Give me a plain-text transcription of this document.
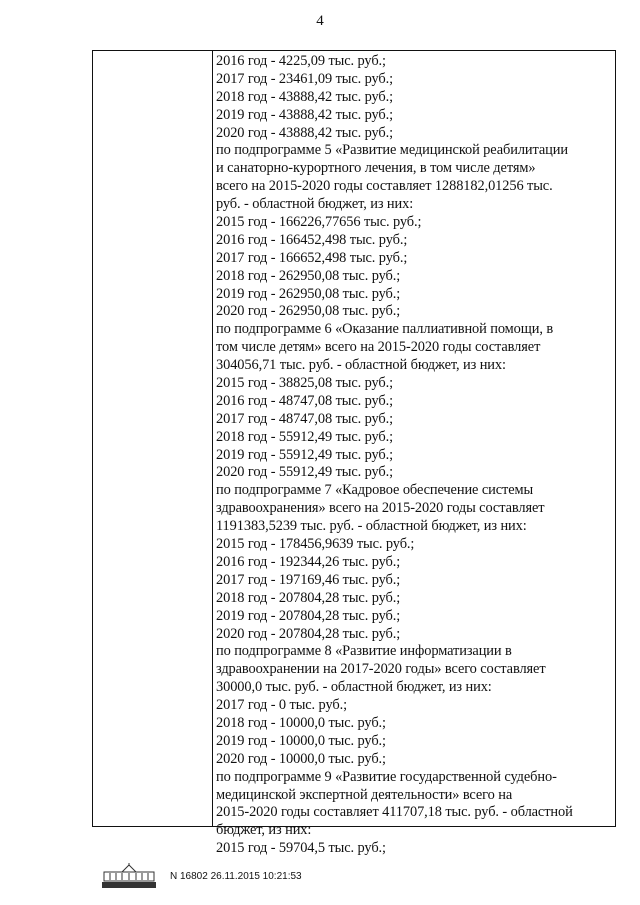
4
2016 год - 4225,09 тыс. руб.;
2017 год - 23461,09 тыс. руб.;
2018 год - 43888,42 тыс. руб.;
2019 год - 43888,42 тыс. руб.;
2020 год - 43888,42 тыс. руб.;
по подпрограмме 5 «Развитие медицинской реабилитации
и санаторно-курортного лечения, в том числе детям»
всего на 2015-2020 годы составляет 1288182,01256 тыс.
руб. - областной бюджет, из них:
2015 год - 166226,77656 тыс. руб.;
2016 год - 166452,498 тыс. руб.;
2017 год - 166652,498 тыс. руб.;
2018 год - 262950,08 тыс. руб.;
2019 год - 262950,08 тыс. руб.;
2020 год - 262950,08 тыс. руб.;
по подпрограмме 6 «Оказание паллиативной помощи, в
том числе детям» всего на 2015-2020 годы составляет
304056,71 тыс. руб. - областной бюджет, из них:
2015 год - 38825,08 тыс. руб.;
2016 год - 48747,08 тыс. руб.;
2017 год - 48747,08 тыс. руб.;
2018 год - 55912,49 тыс. руб.;
2019 год - 55912,49 тыс. руб.;
2020 год - 55912,49 тыс. руб.;
по подпрограмме 7 «Кадровое обеспечение системы
здравоохранения» всего на 2015-2020 годы составляет
1191383,5239 тыс. руб. - областной бюджет, из них:
2015 год - 178456,9639 тыс. руб.;
2016 год - 192344,26 тыс. руб.;
2017 год - 197169,46 тыс. руб.;
2018 год - 207804,28 тыс. руб.;
2019 год - 207804,28 тыс. руб.;
2020 год - 207804,28 тыс. руб.;
по подпрограмме 8 «Развитие информатизации в
здравоохранении на 2017-2020 годы» всего составляет
30000,0 тыс. руб. - областной бюджет, из них:
2017 год - 0 тыс. руб.;
2018 год - 10000,0 тыс. руб.;
2019 год - 10000,0 тыс. руб.;
2020 год - 10000,0 тыс. руб.;
по подпрограмме 9 «Развитие государственной судебно-
медицинской экспертной деятельности» всего на
2015-2020 годы составляет 411707,18 тыс. руб. - областной
бюджет, из них:
2015 год - 59704,5 тыс. руб.;
N 16802 26.11.2015 10:21:53
